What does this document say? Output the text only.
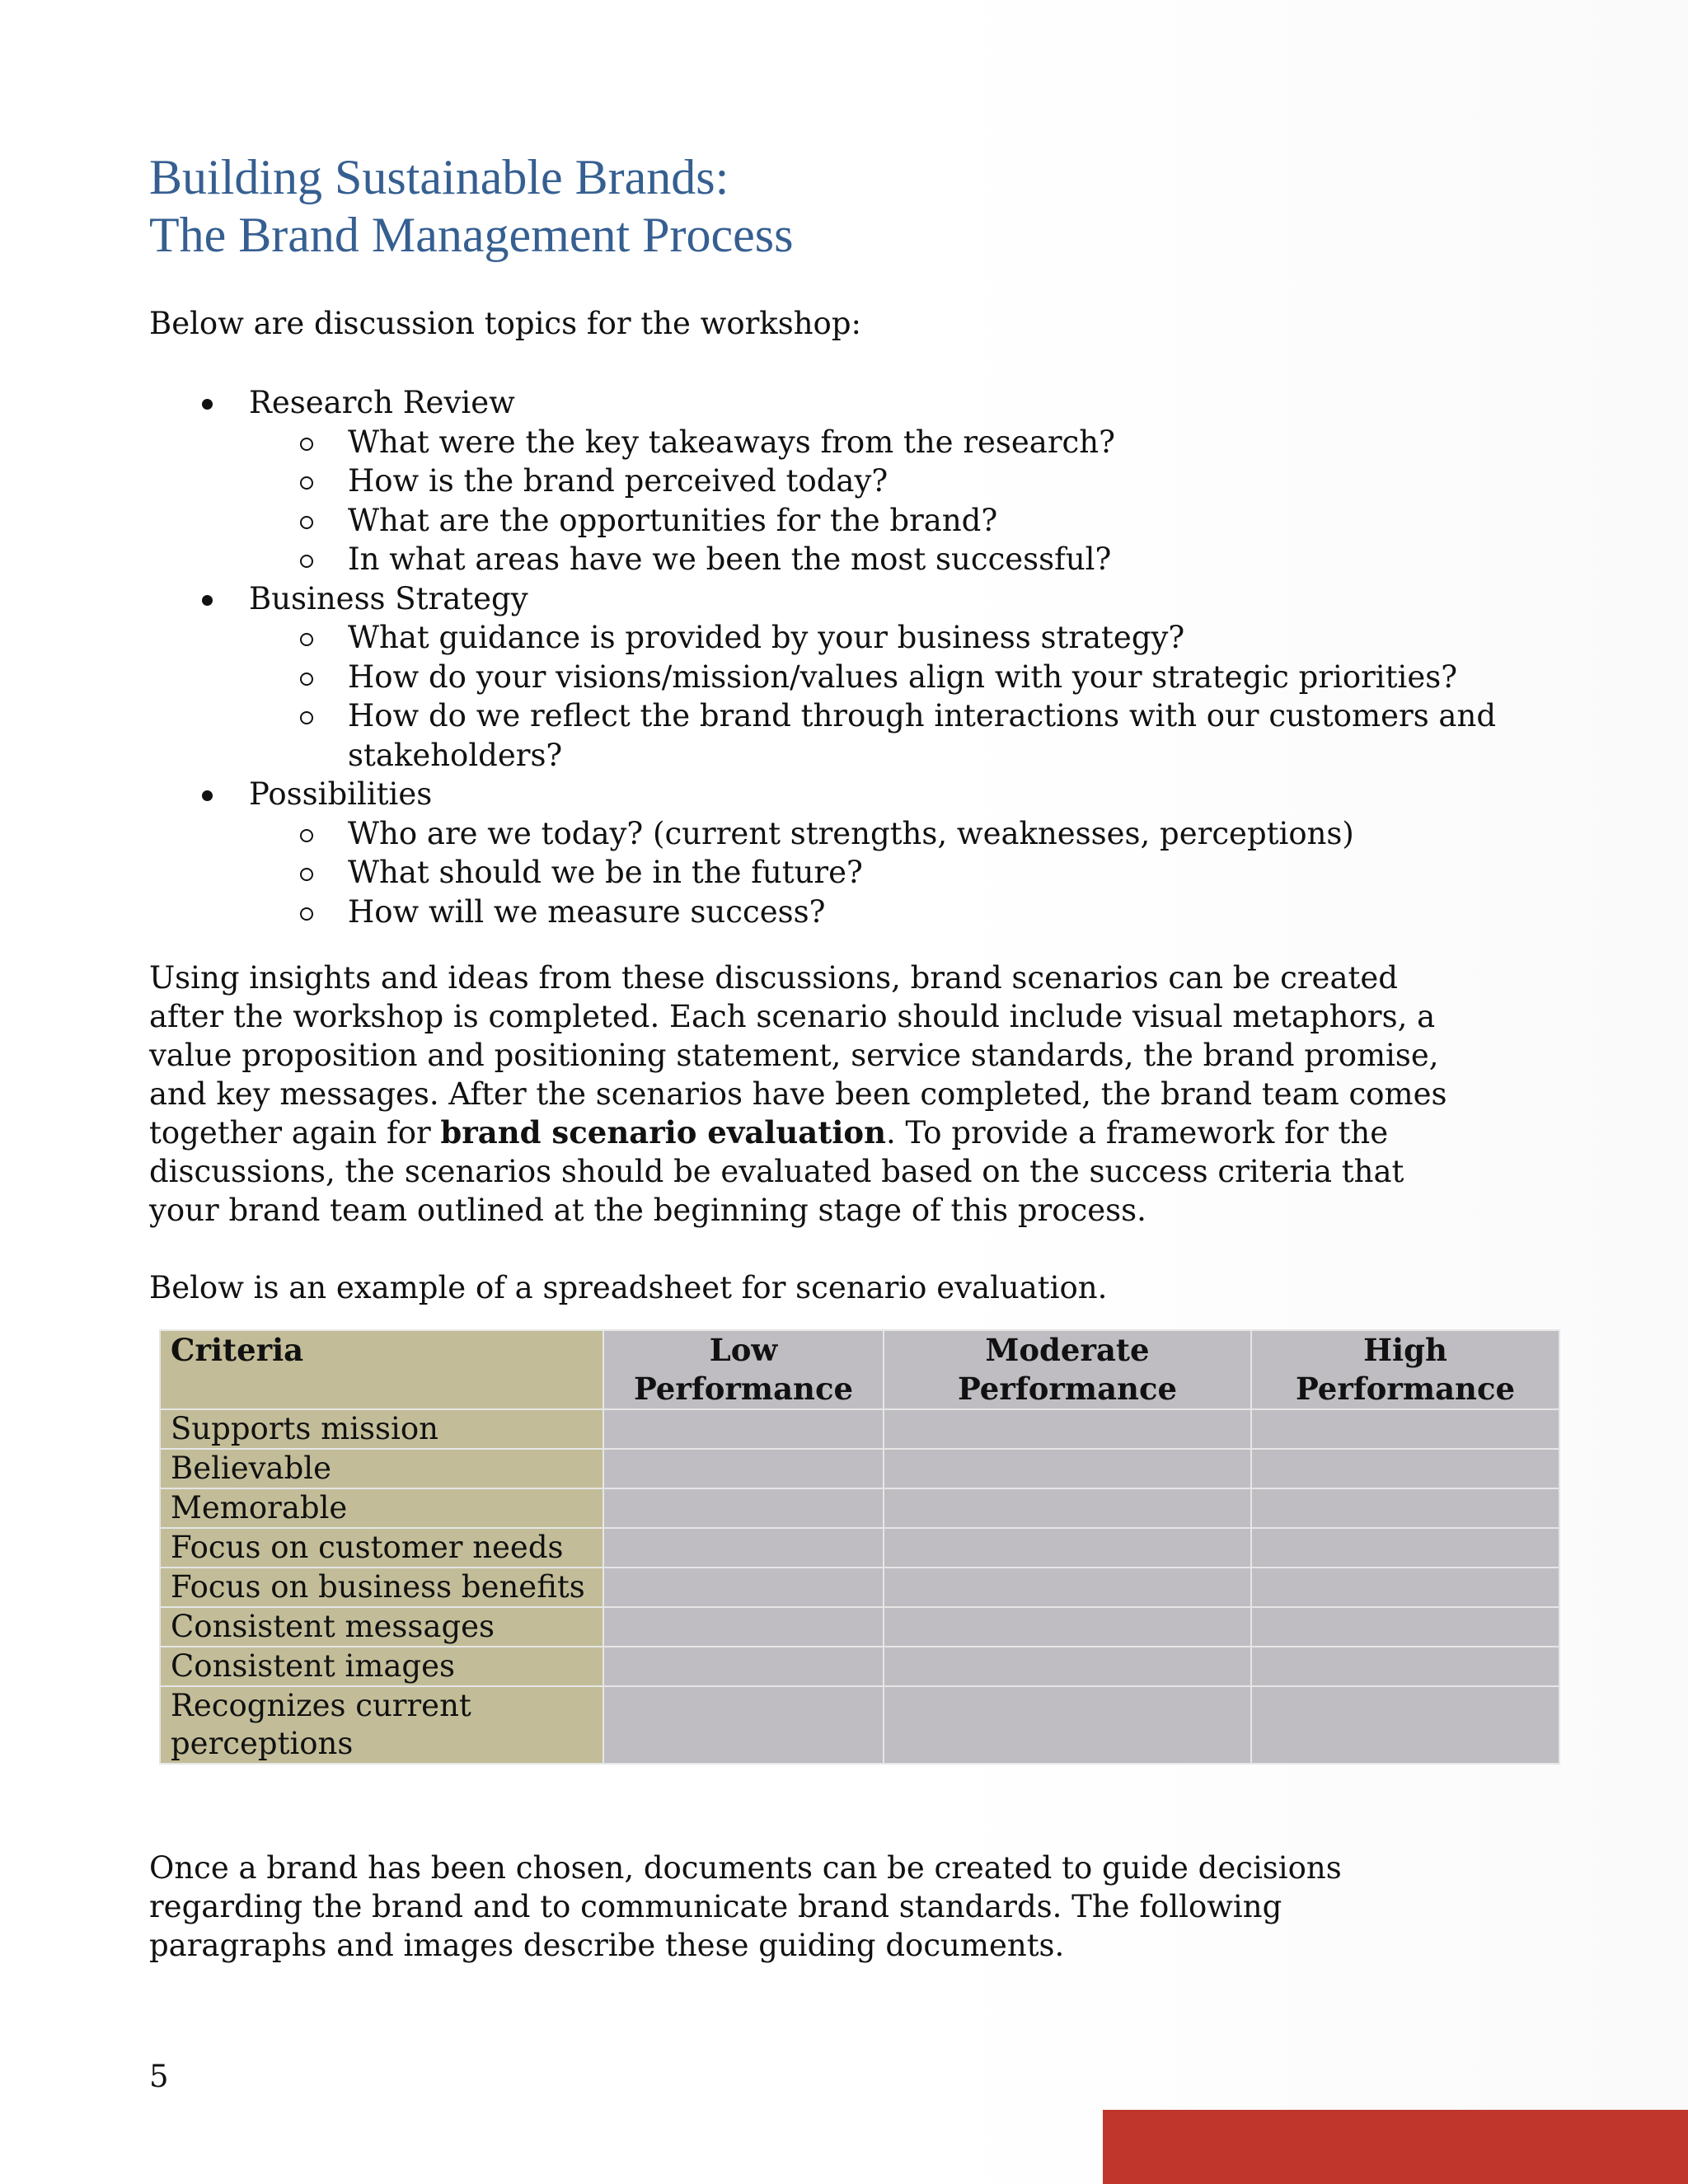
Building Sustainable Brands:
The Brand Management Process

Below are discussion topics for the workshop:

Research Review
What were the key takeaways from the research?
How is the brand perceived today?
What are the opportunities for the brand?
In what areas have we been the most successful?
Business Strategy
What guidance is provided by your business strategy?
How do your visions/mission/values align with your strategic priorities?
How do we reflect the brand through interactions with our customers and stakeholders?
Possibilities
Who are we today? (current strengths, weaknesses, perceptions)
What should we be in the future?
How will we measure success?

Using insights and ideas from these discussions, brand scenarios can be created after the workshop is completed. Each scenario should include visual metaphors, a value proposition and positioning statement, service standards, the brand promise, and key messages. After the scenarios have been completed, the brand team comes together again for brand scenario evaluation. To provide a framework for the discussions, the scenarios should be evaluated based on the success criteria that your brand team outlined at the beginning stage of this process.

Below is an example of a spreadsheet for scenario evaluation.

Criteria	Low Performance	Moderate Performance	High Performance
Supports mission			
Believable			
Memorable			
Focus on customer needs			
Focus on business benefits			
Consistent messages			
Consistent images			
Recognizes current perceptions			

Once a brand has been chosen, documents can be created to guide decisions regarding the brand and to communicate brand standards. The following paragraphs and images describe these guiding documents.

5
